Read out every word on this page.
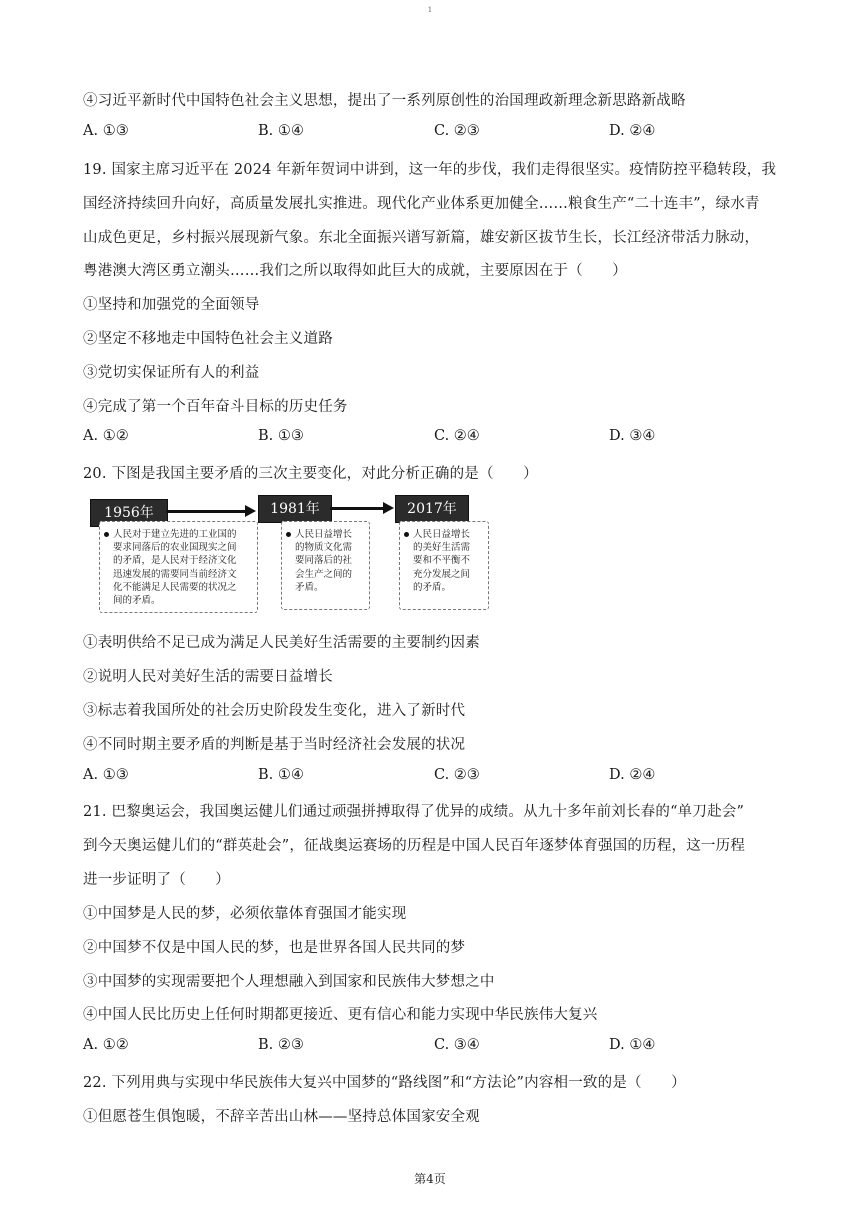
1
④习近平新时代中国特色社会主义思想，提出了一系列原创性的治国理政新理念新思路新战略
A. ①③	B. ①④	C. ②③	D. ②④
19. 国家主席习近平在 2024 年新年贺词中讲到，这一年的步伐，我们走得很坚实。疫情防控平稳转段，我
国经济持续回升向好，高质量发展扎实推进。现代化产业体系更加健全……粮食生产“二十连丰”，绿水青
山成色更足，乡村振兴展现新气象。东北全面振兴谱写新篇，雄安新区拔节生长，长江经济带活力脉动，
粤港澳大湾区勇立潮头……我们之所以取得如此巨大的成就，主要原因在于（　　）
①坚持和加强党的全面领导
②坚定不移地走中国特色社会主义道路
③党切实保证所有人的利益
④完成了第一个百年奋斗目标的历史任务
A. ①②	B. ①③	C. ②④	D. ③④
20. 下图是我国主要矛盾的三次主要变化，对此分析正确的是（　　）
1956年	1981年	2017年
人民对于建立先进的工业国的
要求同落后的农业国现实之间
的矛盾，是人民对于经济文化
迅速发展的需要同当前经济文
化不能满足人民需要的状况之
间的矛盾。
人民日益增长
的物质文化需
要同落后的社
会生产之间的
矛盾。
人民日益增长
的美好生活需
要和不平衡不
充分发展之间
的矛盾。
①表明供给不足已成为满足人民美好生活需要的主要制约因素
②说明人民对美好生活的需要日益增长
③标志着我国所处的社会历史阶段发生变化，进入了新时代
④不同时期主要矛盾的判断是基于当时经济社会发展的状况
A. ①③	B. ①④	C. ②③	D. ②④
21. 巴黎奥运会，我国奥运健儿们通过顽强拼搏取得了优异的成绩。从九十多年前刘长春的“单刀赴会”
到今天奥运健儿们的“群英赴会”，征战奥运赛场的历程是中国人民百年逐梦体育强国的历程，这一历程
进一步证明了（　　）
①中国梦是人民的梦，必须依靠体育强国才能实现
②中国梦不仅是中国人民的梦，也是世界各国人民共同的梦
③中国梦的实现需要把个人理想融入到国家和民族伟大梦想之中
④中国人民比历史上任何时期都更接近、更有信心和能力实现中华民族伟大复兴
A. ①②	B. ②③	C. ③④	D. ①④
22. 下列用典与实现中华民族伟大复兴中国梦的“路线图”和“方法论”内容相一致的是（　　）
①但愿苍生俱饱暖，不辞辛苦出山林——坚持总体国家安全观
第4页
